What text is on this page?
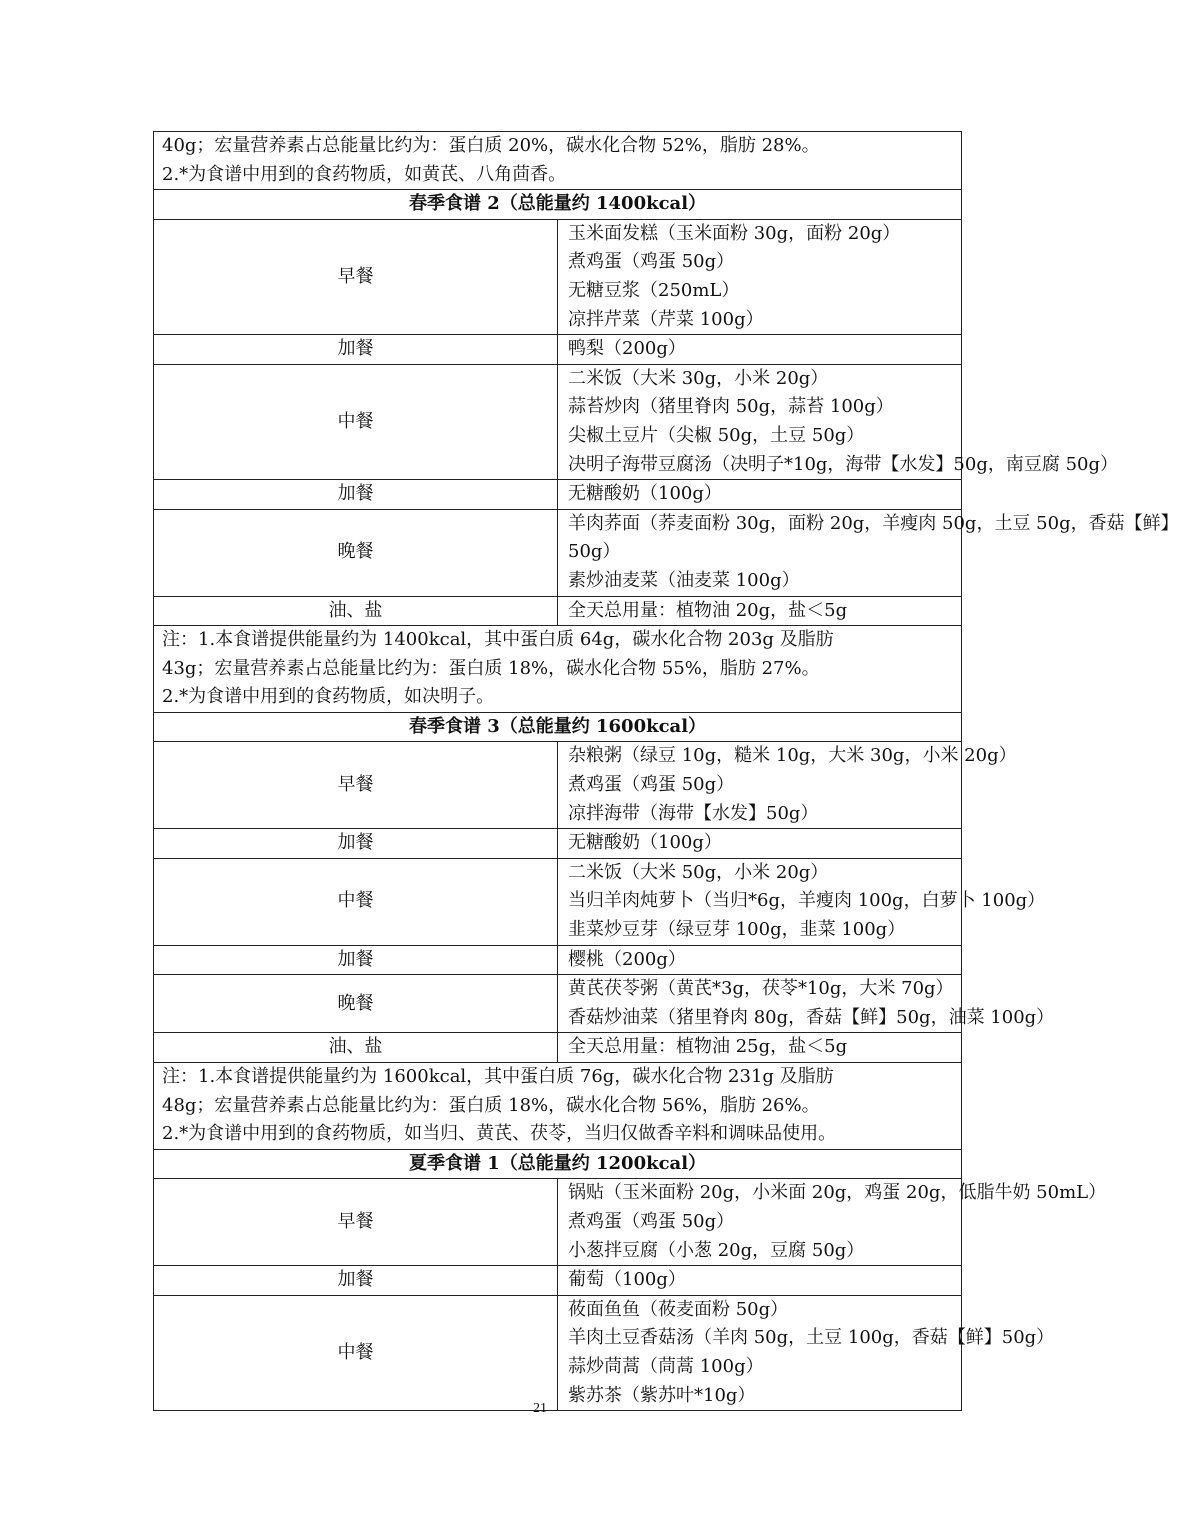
40g；宏量营养素占总能量比约为：蛋白质 20%，碳水化合物 52%，脂肪 28%。
2.*为食谱中用到的食药物质，如黄芪、八角茴香。	

春季食谱 2（总能量约 1400kcal）	
早餐	玉米面发糕（玉米面粉 30g，面粉 20g）
煮鸡蛋（鸡蛋 50g）
无糖豆浆（250mL）
凉拌芹菜（芹菜 100g）

加餐	鸭梨（200g）

中餐	二米饭（大米 30g，小米 20g）
蒜苔炒肉（猪里脊肉 50g，蒜苔 100g）
尖椒土豆片（尖椒 50g，土豆 50g）
决明子海带豆腐汤（决明子*10g，海带【水发】50g，南豆腐 50g）

加餐	无糖酸奶（100g）

晚餐	羊肉荞面（荞麦面粉 30g，面粉 20g，羊瘦肉 50g，土豆 50g，香菇【鲜】
50g）
素炒油麦菜（油麦菜 100g）

油、盐	全天总用量：植物油 20g，盐＜5g

注：1.本食谱提供能量约为 1400kcal，其中蛋白质 64g，碳水化合物 203g 及脂肪
43g；宏量营养素占总能量比约为：蛋白质 18%，碳水化合物 55%，脂肪 27%。
2.*为食谱中用到的食药物质，如决明子。	

春季食谱 3（总能量约 1600kcal）	
早餐	杂粮粥（绿豆 10g，糙米 10g，大米 30g，小米 20g）
煮鸡蛋（鸡蛋 50g）
凉拌海带（海带【水发】50g）

加餐	无糖酸奶（100g）

中餐	二米饭（大米 50g，小米 20g）
当归羊肉炖萝卜（当归*6g，羊瘦肉 100g，白萝卜 100g）
韭菜炒豆芽（绿豆芽 100g，韭菜 100g）

加餐	樱桃（200g）

晚餐	黄芪茯苓粥（黄芪*3g，茯苓*10g，大米 70g）
香菇炒油菜（猪里脊肉 80g，香菇【鲜】50g，油菜 100g）

油、盐	全天总用量：植物油 25g，盐＜5g

注：1.本食谱提供能量约为 1600kcal，其中蛋白质 76g，碳水化合物 231g 及脂肪
48g；宏量营养素占总能量比约为：蛋白质 18%，碳水化合物 56%，脂肪 26%。
2.*为食谱中用到的食药物质，如当归、黄芪、茯苓，当归仅做香辛料和调味品使用。	

夏季食谱 1（总能量约 1200kcal）	
早餐	锅贴（玉米面粉 20g，小米面 20g，鸡蛋 20g，低脂牛奶 50mL）
煮鸡蛋（鸡蛋 50g）
小葱拌豆腐（小葱 20g，豆腐 50g）

加餐	葡萄（100g）

中餐	莜面鱼鱼（莜麦面粉 50g）
羊肉土豆香菇汤（羊肉 50g，土豆 100g，香菇【鲜】50g）
蒜炒茼蒿（茼蒿 100g）
紫苏茶（紫苏叶*10g）
21
